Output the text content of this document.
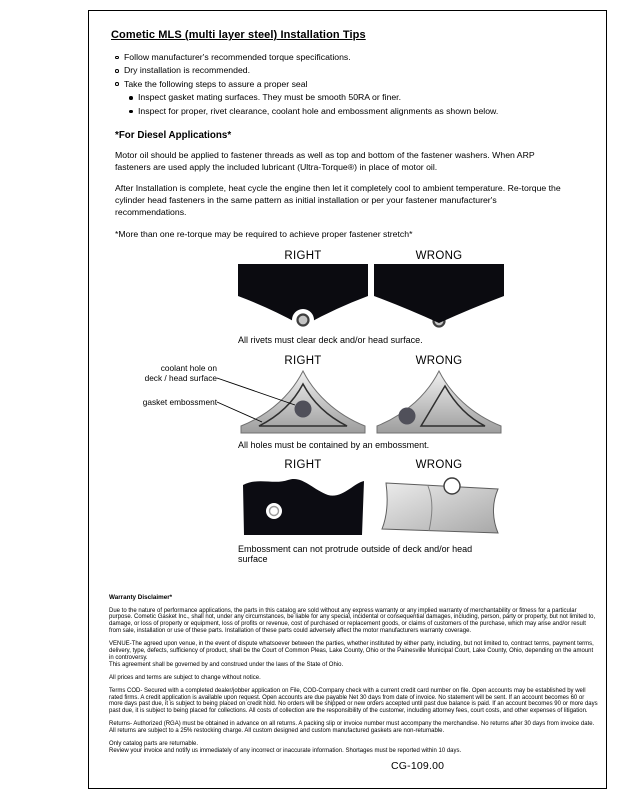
Cometic MLS (multi layer steel) Installation Tips
Follow manufacturer's recommended torque specifications.
Dry installation is recommended.
Take the following steps to assure a proper seal
Inspect gasket mating surfaces. They must be smooth 50RA or finer.
Inspect for proper, rivet clearance, coolant hole and embossment alignments as shown below.
*For Diesel Applications*

Motor oil should be applied to fastener threads as well as top and bottom of the fastener washers. When ARP fasteners are used apply the included lubricant (Ultra-Torque®) in place of motor oil.

After Installation is complete, heat cycle the engine then let it completely cool to ambient temperature. Re-torque the cylinder head fasteners in the same pattern as initial installation or per your fastener manufacturer's recommendations.

*More than one re-torque may be required to achieve proper fastener stretch*
RIGHT	WRONG
All rivets must clear deck and/or head surface.
RIGHT	WRONG
coolant hole on
deck / head surface
gasket embossment
All holes must be contained by an embossment.
RIGHT	WRONG
Embossment can not protrude outside of deck and/or head surface
Warranty Disclaimer*

Due to the nature of performance applications, the parts in this catalog are sold without any express warranty or any implied warranty of merchantability or fitness for a particular purpose. Cometic Gasket Inc., shall not, under any circumstances, be liable for any special, incidental or consequential damages, including, person, party or property, but not limited to, damage, or loss of property or equipment, loss of profits or revenue, cost of purchased or replacement goods, or claims of customers of the purchase, which may arise and/or result from sale, installation or use of these parts. Installation of these parts could adversely affect the motor manufacturers warranty coverage.

VENUE-The agreed upon venue, in the event of dispute whatsoever between the parties, whether instituted by either party, including, but not limited to, contract terms, payment terms, delivery, type, defects, sufficiency of product, shall be the Court of Common Pleas, Lake County, Ohio or the Painesville Municipal Court, Lake County, Ohio, depending on the amount in controversy.

This agreement shall be governed by and construed under the laws of the State of Ohio.

All prices and terms are subject to change without notice.

Terms COD- Secured with a completed dealer/jobber application on File, COD-Company check with a current credit card number on file. Open accounts may be established by well rated firms. A credit application is available upon request. Open accounts are due payable Net 30 days from date of invoice. No statement will be sent. If an account becomes 60 or more days past due, it is subject to being placed on credit hold. No orders will be shipped or new orders accepted until past due balance is paid. If an account becomes 90 or more days past due, it is subject to being placed for collections. All costs of collection are the responsibility of the customer, including attorney fees, court costs, and other expenses of litigation.

Returns- Authorized (RGA) must be obtained in advance on all returns. A packing slip or invoice number must accompany the merchandise. No returns after 30 days from invoice date. All returns are subject to a 25% restocking charge. All custom designed and custom manufactured gaskets are non-returnable.

Only catalog parts are returnable.

Review your invoice and notify us immediately of any incorrect or inaccurate information. Shortages must be reported within 10 days.

CG-109.00
